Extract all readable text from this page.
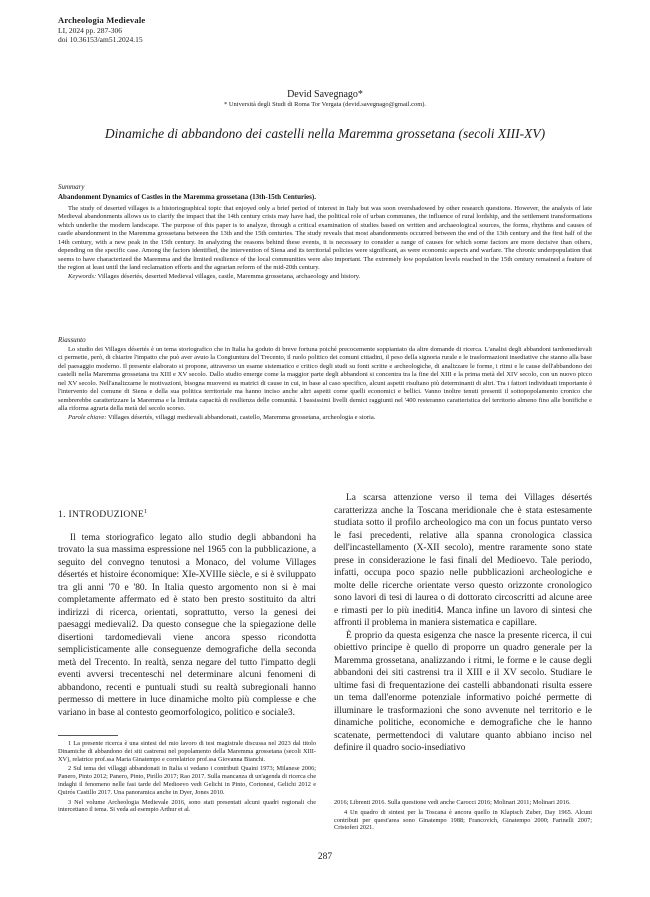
Archeologia Medievale
LI, 2024 pp. 287-306
doi 10.36153/am51.2024.15
Devid Savegnago*
* Università degli Studi di Roma Tor Vergata (devid.savegnago@gmail.com).
Dinamiche di abbandono dei castelli nella Maremma grossetana (secoli XIII-XV)
Summary
Abandonment Dynamics of Castles in the Maremma grossetana (13th-15th Centuries).

The study of deserted villages is a historiographical topic that enjoyed only a brief period of interest in Italy but was soon overshadowed by other research questions. However, the analysis of late Medieval abandonments allows us to clarify the impact that the 14th century crisis may have had, the political role of urban communes, the influence of rural lordship, and the settlement transformations which underlie the modern landscape. The purpose of this paper is to analyze, through a critical examination of studies based on written and archaeological sources, the forms, rhythms and causes of castle abandonment in the Maremma grossetana between the 13th and the 15th centuries. The study reveals that most abandonments occurred between the end of the 13th century and the first half of the 14th century, with a new peak in the 15th century. In analyzing the reasons behind these events, it is necessary to consider a range of causes for which some factors are more decisive than others, depending on the specific case. Among the factors identified, the intervention of Siena and its territorial policies were significant, as were economic aspects and warfare. The chronic underpopulation that seems to have characterized the Maremma and the limited resilience of the local communities were also important. The extremely low population levels reached in the 15th century remained a feature of the region at least until the land reclamation efforts and the agrarian reform of the mid-20th century.

Keywords: Villages désertés, deserted Medieval villages, castle, Maremma grossetana, archaeology and history.

Riassunto

Lo studio dei Villages désertés è un tema storiografico che in Italia ha goduto di breve fortuna poiché precocemente soppiantato da altre domande di ricerca. L'analisi degli abbandoni tardomedievali ci permette, però, di chiarire l'impatto che può aver avuto la Congiuntura del Trecento, il ruolo politico dei comuni cittadini, il peso della signoria rurale e le trasformazioni insediative che stanno alla base del paesaggio moderno. Il presente elaborato si propone, attraverso un esame sistematico e critico degli studi su fonti scritte e archeologiche, di analizzare le forme, i ritmi e le cause dell'abbandono dei castelli nella Maremma grossetana tra XIII e XV secolo. Dallo studio emerge come la maggior parte degli abbandoni si concentra tra la fine del XIII e la prima metà del XIV secolo, con un nuovo picco nel XV secolo. Nell'analizzarne le motivazioni, bisogna muoversi su matrici di cause in cui, in base al caso specifico, alcuni aspetti risultano più determinanti di altri. Tra i fattori individuati importante è l'intervento del comune di Siena e della sua politica territoriale ma hanno inciso anche altri aspetti come quelli economici e bellici. Vanno inoltre tenuti presenti il sottopopolamento cronico che sembrerebbe caratterizzare la Maremma e la limitata capacità di resilienza delle comunità. I bassissimi livelli demici raggiunti nel '400 resteranno caratteristica del territorio almeno fino alle bonifiche e alla riforma agraria della metà del secolo scorso.

Parole chiave: Villages désertés, villaggi medievali abbandonati, castello, Maremma grossetana, archeologia e storia.

1. INTRODUZIONE$^1$

Il tema storiografico legato allo studio degli abbandoni ha trovato la sua massima espressione nel 1965 con la pubblicazione, a seguito del convegno tenutosi a Monaco, del volume Villages désertés et histoire économique: XIe-XVIIIe siècle, e si è sviluppato tra gli anni '70 e '80. In Italia questo argomento non si è mai completamente affermato ed è stato ben presto sostituito da altri indirizzi di ricerca, orientati, soprattutto, verso la genesi dei paesaggi medievali2. Da questo consegue che la spiegazione delle disertioni tardomedievali viene ancora spesso ricondotta semplicisticamente alle conseguenze demografiche della seconda metà del Trecento. In realtà, senza negare del tutto l'impatto degli eventi avversi trecenteschi nel determinare alcuni fenomeni di abbandono, recenti e puntuali studi su realtà subregionali hanno permesso di mettere in luce dinamiche molto più complesse e che variano in base al contesto geomorfologico, politico e sociale3.

La scarsa attenzione verso il tema dei Villages désertés caratterizza anche la Toscana meridionale che è stata estesamente studiata sotto il profilo archeologico ma con un focus puntato verso le fasi precedenti, relative alla spanna cronologica classica dell'incastellamento (X-XII secolo), mentre raramente sono state prese in considerazione le fasi finali del Medioevo. Tale periodo, infatti, occupa poco spazio nelle pubblicazioni archeologiche e molte delle ricerche orientate verso questo orizzonte cronologico sono lavori di tesi di laurea o di dottorato circoscritti ad alcune aree e rimasti per lo più inediti4. Manca infine un lavoro di sintesi che affronti il problema in maniera sistematica e capillare.

È proprio da questa esigenza che nasce la presente ricerca, il cui obiettivo principe è quello di proporre un quadro generale per la Maremma grossetana, analizzando i ritmi, le forme e le cause degli abbandoni dei siti castrensi tra il XIII e il XV secolo. Studiare le ultime fasi di frequentazione dei castelli abbandonati risulta essere un tema dall'enorme potenziale informativo poiché permette di illuminare le trasformazioni che sono avvenute nel territorio e le dinamiche politiche, economiche e demografiche che le hanno scatenate, permettendoci di valutare quanto abbiano inciso nel definire il quadro socio-insediativo

1 La presente ricerca è una sintesi del mio lavoro di tesi magistrale discussa nel 2023 dal titolo Dinamiche di abbandono dei siti castrensi nel popolamento della Maremma grossetana (secoli XIII-XV), relatrice prof.ssa Maria Ginatempo e correlatrice prof.ssa Giovanna Bianchi.

2 Sul tema dei villaggi abbandonati in Italia si vedano i contributi Quaini 1973; Milanese 2006; Panero, Pinto 2012; Panero, Pinto, Pirillo 2017; Rao 2017. Sulla mancanza di un'agenda di ricerca che indaghi il fenomeno nelle fasi tarde del Medioevo vedi Gelichi in Pinto, Cortonesi, Gelichi 2012 e Quirós Castillo 2017. Una panoramica anche in Dyer, Jones 2010.

3 Nel volume Archeologia Medievale 2016, sono stati presentati alcuni quadri regionali che intercettano il tema. Si veda ad esempio Arthur et al.

2016; Librenti 2016. Sulla questione vedi anche Carocci 2016; Molinari 2011; Molinari 2016.

4 Un quadro di sintesi per la Toscana è ancora quello in Klapisch Zuber, Day 1965. Alcuni contributi per quest'area sono Ginatempo 1988; Francovich, Ginatempo 2000; Farinelli 2007; Cristoferi 2021.

287
